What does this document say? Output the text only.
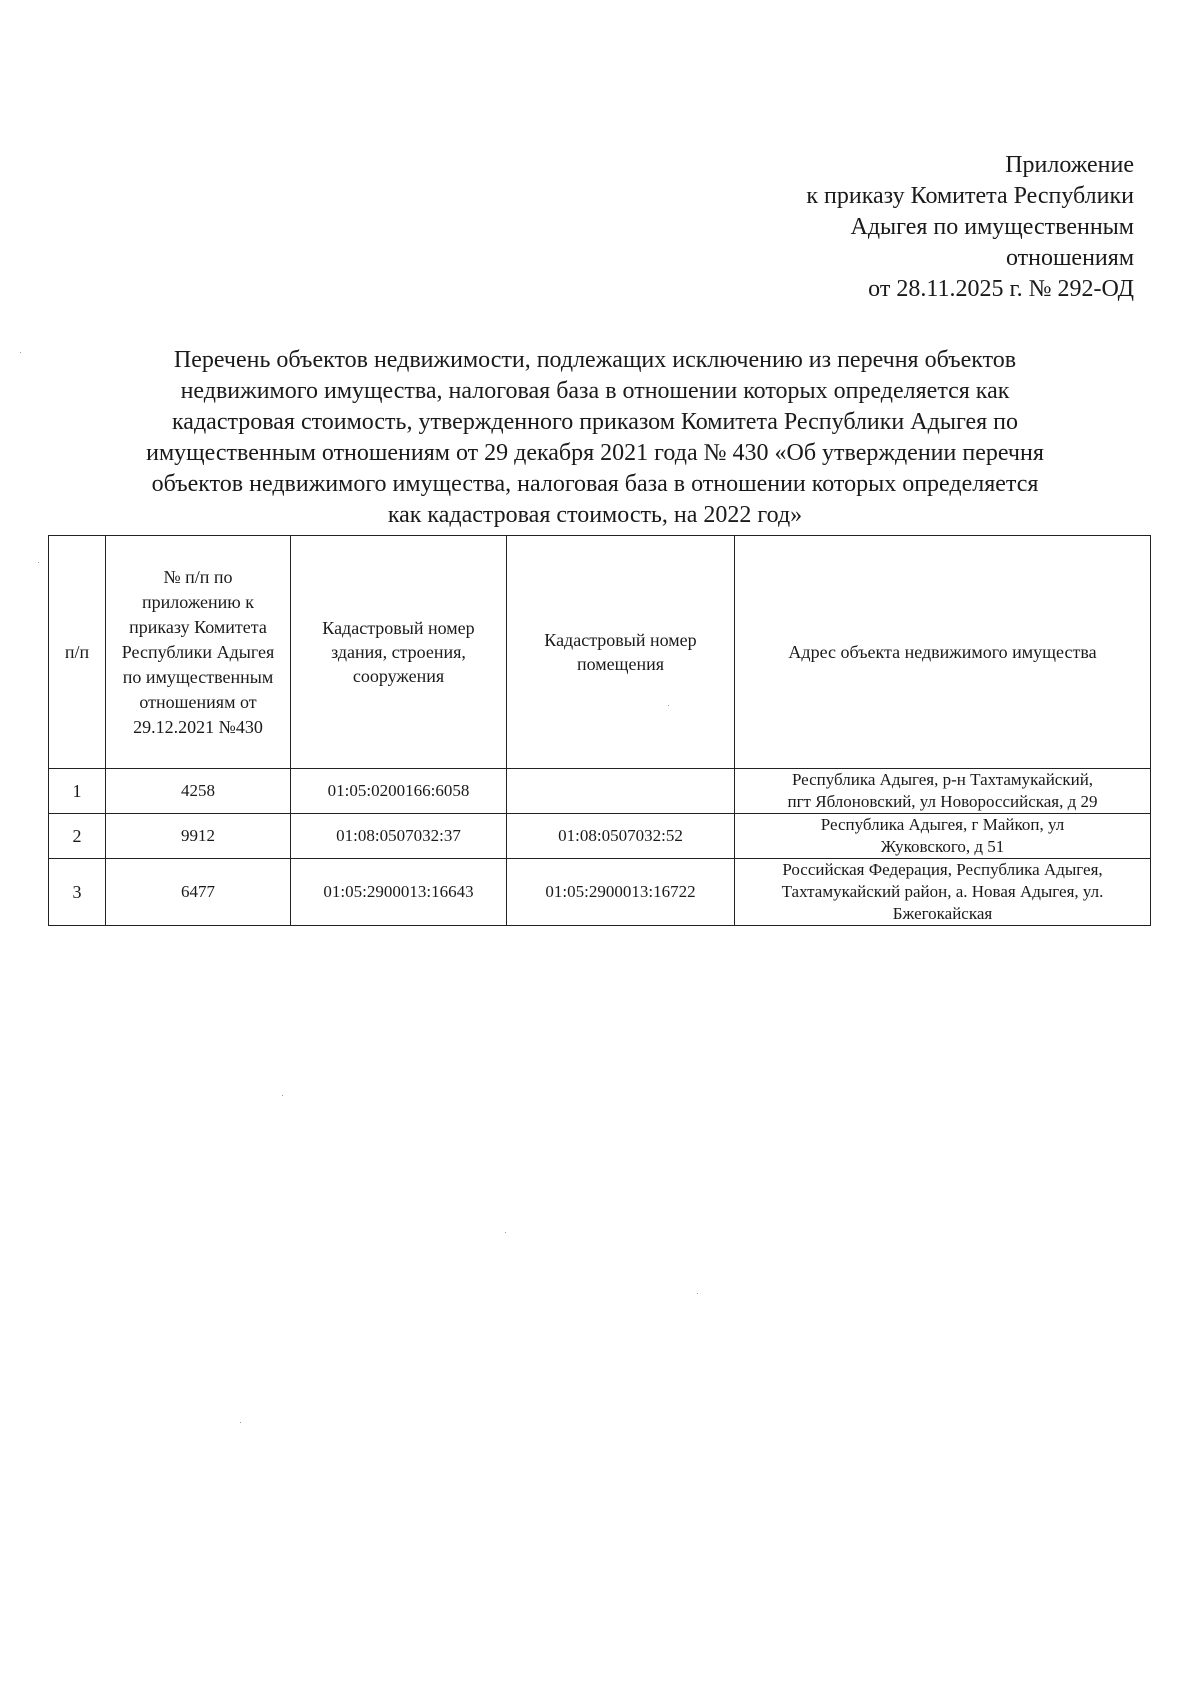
Приложение
к приказу Комитета Республики
Адыгея по имущественным
отношениям
от 28.11.2025 г. № 292-ОД
Перечень объектов недвижимости, подлежащих исключению из перечня объектов
недвижимого имущества, налоговая база в отношении которых определяется как
кадастровая стоимость, утвержденного приказом Комитета Республики Адыгея по
имущественным отношениям от 29 декабря 2021 года № 430 «Об утверждении перечня
объектов недвижимого имущества, налоговая база в отношении которых определяется
как кадастровая стоимость, на 2022 год»
п/п	№ п/п по приложению к приказу Комитета Республики Адыгея по имущественным отношениям от 29.12.2021 №430	Кадастровый номер здания, строения, сооружения	Кадастровый номер помещения	Адрес объекта недвижимого имущества
1	4258	01:05:0200166:6058		Республика Адыгея, р-н Тахтамукайский,
пгт Яблоновский, ул Новороссийская, д 29

2	9912	01:08:0507032:37	01:08:0507032:52	Республика Адыгея, г Майкоп, ул
Жуковского, д 51

3	6477	01:05:2900013:16643	01:05:2900013:16722	Российская Федерация, Республика Адыгея,
Тахтамукайский район, а. Новая Адыгея, ул.
Бжегокайская
